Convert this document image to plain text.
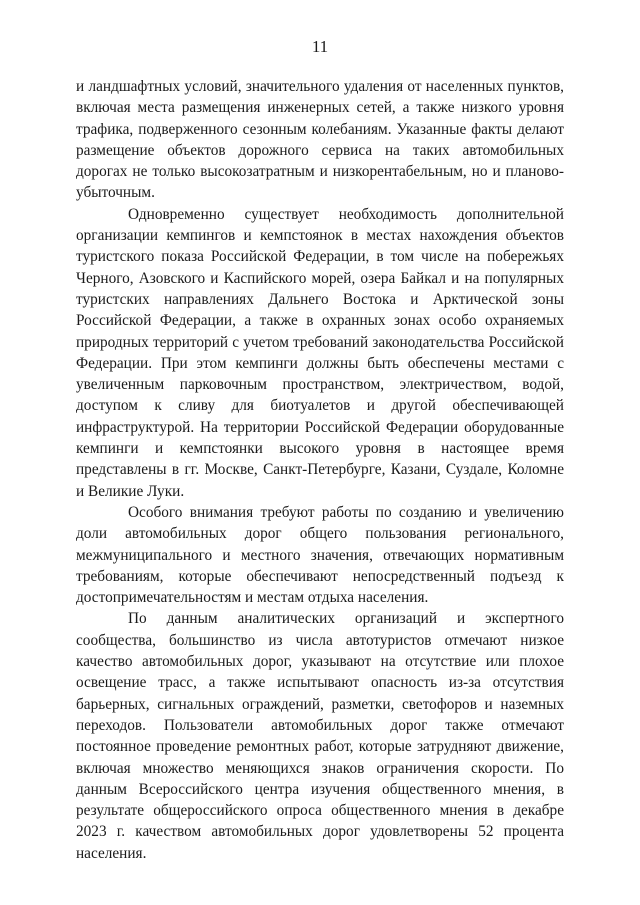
11

и ландшафтных условий, значительного удаления от населенных пунктов, включая места размещения инженерных сетей, а также низкого уровня трафика, подверженного сезонным колебаниям. Указанные факты делают размещение объектов дорожного сервиса на таких автомобильных дорогах не только высокозатратным и низкорентабельным, но и планово-убыточным.

Одновременно существует необходимость дополнительной организации кемпингов и кемпстоянок в местах нахождения объектов туристского показа Российской Федерации, в том числе на побережьях Черного, Азовского и Каспийского морей, озера Байкал и на популярных туристских направлениях Дальнего Востока и Арктической зоны Российской Федерации, а также в охранных зонах особо охраняемых природных территорий с учетом требований законодательства Российской Федерации. При этом кемпинги должны быть обеспечены местами с увеличенным парковочным пространством, электричеством, водой, доступом к сливу для биотуалетов и другой обеспечивающей инфраструктурой. На территории Российской Федерации оборудованные кемпинги и кемпстоянки высокого уровня в настоящее время представлены в гг. Москве, Санкт-Петербурге, Казани, Суздале, Коломне и Великие Луки.

Особого внимания требуют работы по созданию и увеличению доли автомобильных дорог общего пользования регионального, межмуниципального и местного значения, отвечающих нормативным требованиям, которые обеспечивают непосредственный подъезд к достопримечательностям и местам отдыха населения.

По данным аналитических организаций и экспертного сообщества, большинство из числа автотуристов отмечают низкое качество автомобильных дорог, указывают на отсутствие или плохое освещение трасс, а также испытывают опасность из-за отсутствия барьерных, сигнальных ограждений, разметки, светофоров и наземных переходов. Пользователи автомобильных дорог также отмечают постоянное проведение ремонтных работ, которые затрудняют движение, включая множество меняющихся знаков ограничения скорости. По данным Всероссийского центра изучения общественного мнения, в результате общероссийского опроса общественного мнения в декабре 2023 г. качеством автомобильных дорог удовлетворены 52 процента населения.
